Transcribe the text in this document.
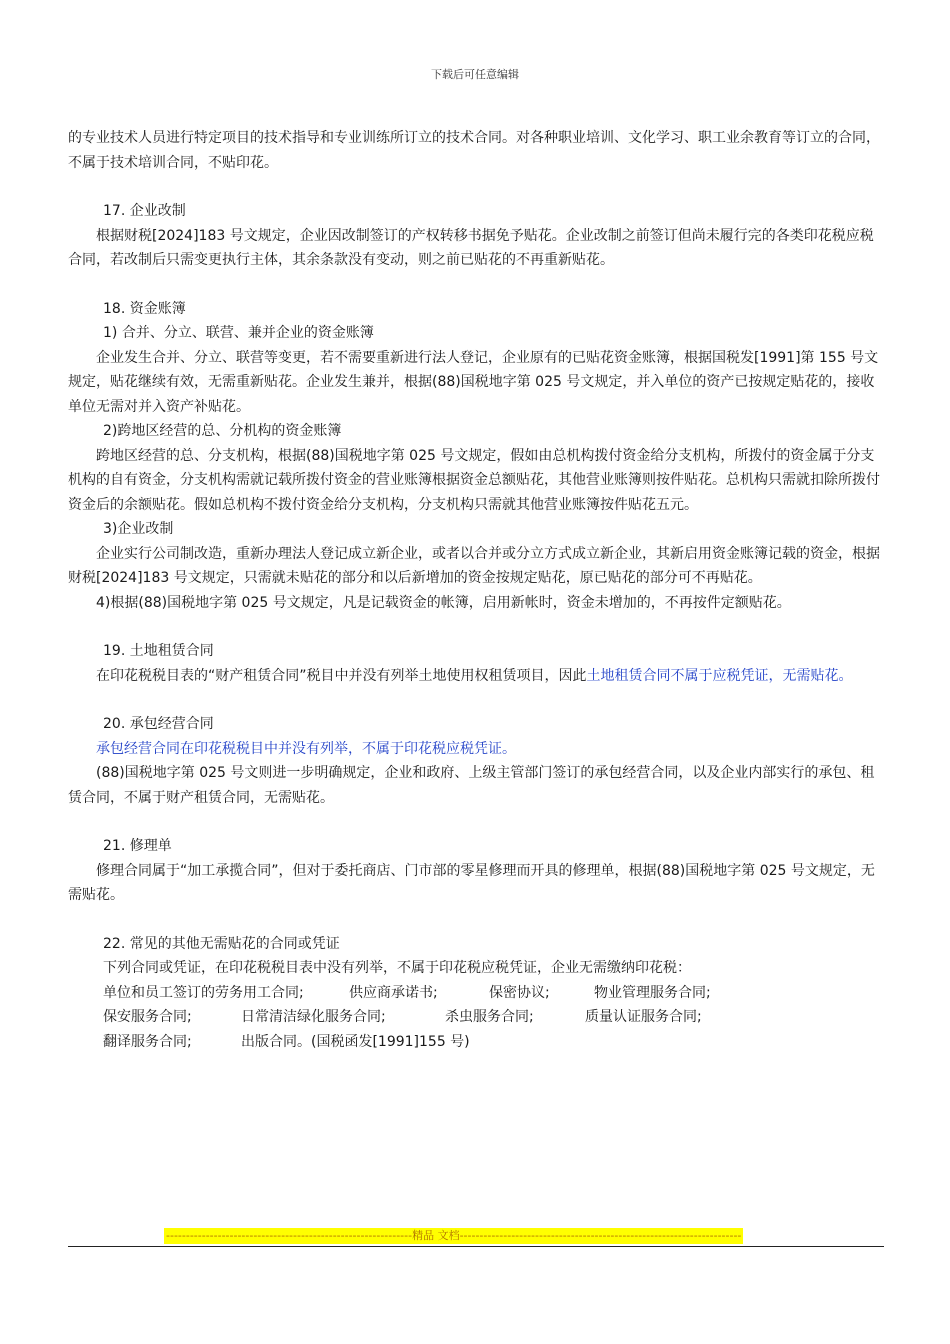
下载后可任意编辑

的专业技术人员进行特定项目的技术指导和专业训练所订立的技术合同。对各种职业培训、文化学习、职工业余教育等订立的合同，不属于技术培训合同，不贴印花。

17. 企业改制

根据财税[2024]183 号文规定，企业因改制签订的产权转移书据免予贴花。企业改制之前签订但尚未履行完的各类印花税应税合同，若改制后只需变更执行主体，其余条款没有变动，则之前已贴花的不再重新贴花。

18. 资金账簿

1) 合并、分立、联营、兼并企业的资金账簿

企业发生合并、分立、联营等变更，若不需要重新进行法人登记，企业原有的已贴花资金账簿，根据国税发[1991]第 155 号文规定，贴花继续有效，无需重新贴花。企业发生兼并，根据(88)国税地字第 025 号文规定，并入单位的资产已按规定贴花的，接收单位无需对并入资产补贴花。

2)跨地区经营的总、分机构的资金账簿

跨地区经营的总、分支机构，根据(88)国税地字第 025 号文规定，假如由总机构拨付资金给分支机构，所拨付的资金属于分支机构的自有资金，分支机构需就记载所拨付资金的营业账簿根据资金总额贴花，其他营业账簿则按件贴花。总机构只需就扣除所拨付资金后的余额贴花。假如总机构不拨付资金给分支机构，分支机构只需就其他营业账簿按件贴花五元。

3)企业改制

企业实行公司制改造，重新办理法人登记成立新企业，或者以合并或分立方式成立新企业，其新启用资金账簿记载的资金，根据财税[2024]183 号文规定，只需就未贴花的部分和以后新增加的资金按规定贴花，原已贴花的部分可不再贴花。

4)根据(88)国税地字第 025 号文规定，凡是记载资金的帐簿，启用新帐时，资金未增加的，不再按件定额贴花。

19. 土地租赁合同

在印花税税目表的“财产租赁合同”税目中并没有列举土地使用权租赁项目，因此土地租赁合同不属于应税凭证，无需贴花。

20. 承包经营合同

承包经营合同在印花税税目中并没有列举，不属于印花税应税凭证。

(88)国税地字第 025 号文则进一步明确规定，企业和政府、上级主管部门签订的承包经营合同，以及企业内部实行的承包、租赁合同，不属于财产租赁合同，无需贴花。

21. 修理单

修理合同属于“加工承揽合同”，但对于委托商店、门市部的零星修理而开具的修理单，根据(88)国税地字第 025 号文规定，无需贴花。

22. 常见的其他无需贴花的合同或凭证

下列合同或凭证，在印花税税目表中没有列举，不属于印花税应税凭证，企业无需缴纳印花税：

单位和员工签订的劳务用工合同;	供应商承诺书;	保密协议;	物业管理服务合同;

保安服务合同;	日常清洁绿化服务合同;	杀虫服务合同;	质量认证服务合同;

翻译服务合同;	出版合同。(国税函发[1991]155 号)

--------------------------------------------------------------精品 文档-----------------------------------------------------------------------
